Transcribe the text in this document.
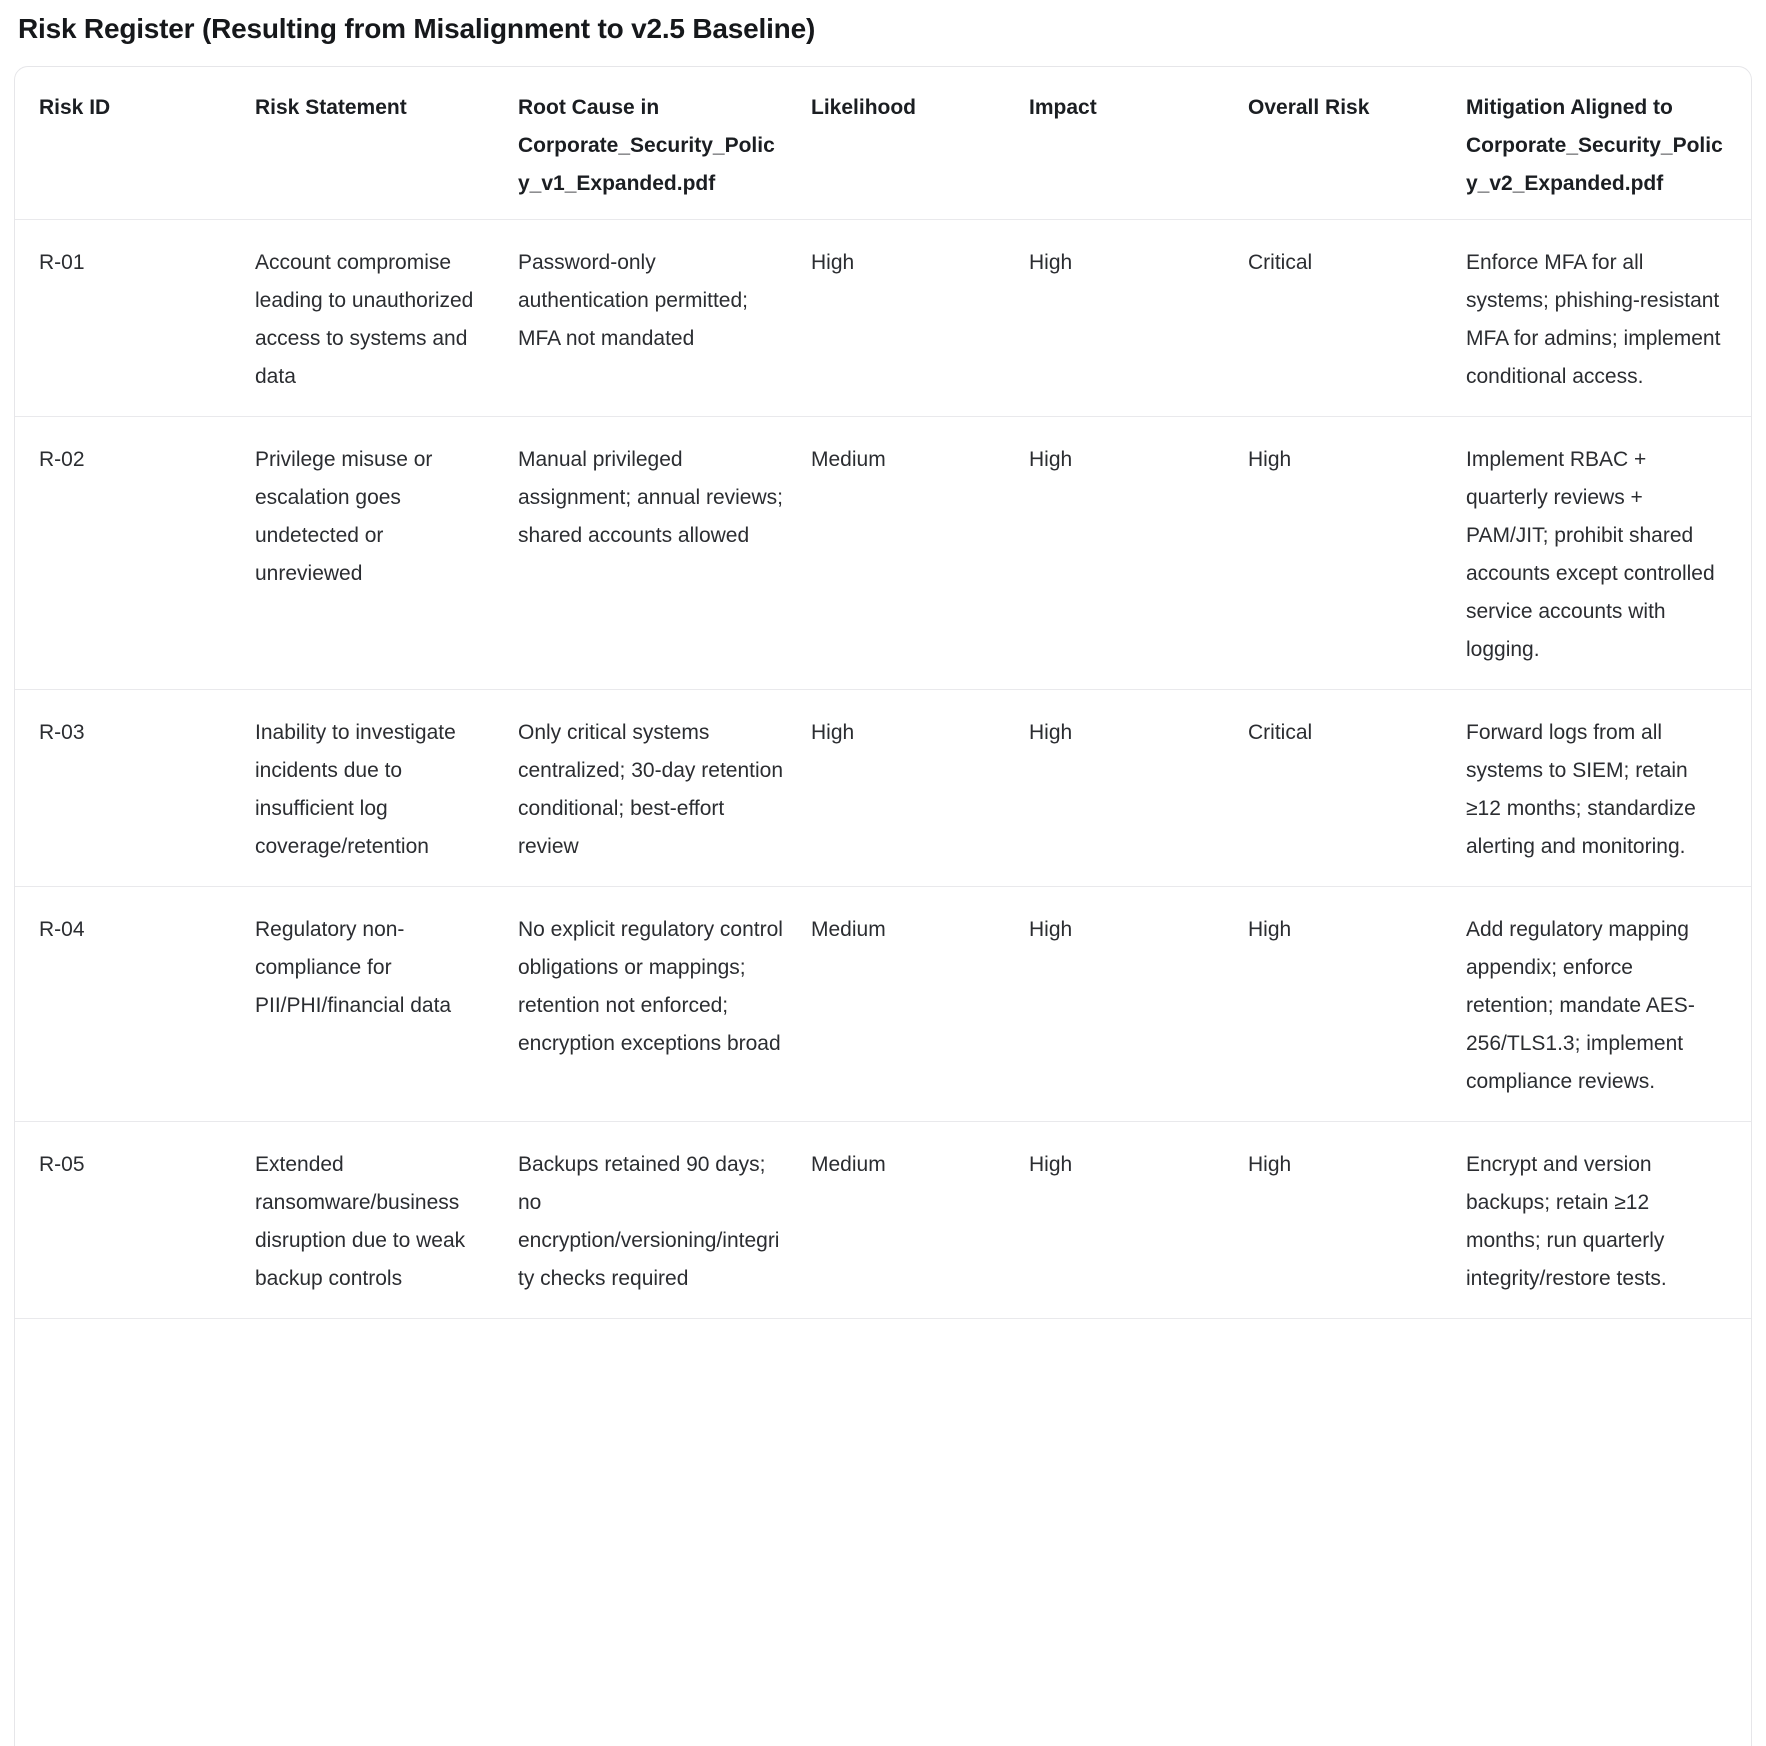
Risk Register (Resulting from Misalignment to v2.5 Baseline)
Risk ID	Risk Statement	Root Cause in Corporate_Security_Policy_v1_Expanded.pdf	Likelihood	Impact	Overall Risk	Mitigation Aligned to Corporate_Security_Policy_v2_Expanded.pdf
R-01	Account compromise leading to unauthorized access to systems and data	Password-only authentication permitted; MFA not mandated	High	High	Critical	Enforce MFA for all systems; phishing-resistant MFA for admins; implement conditional access.
R-02	Privilege misuse or escalation goes undetected or unreviewed	Manual privileged assignment; annual reviews; shared accounts allowed	Medium	High	High	Implement RBAC + quarterly reviews + PAM/JIT; prohibit shared accounts except controlled service accounts with logging.
R-03	Inability to investigate incidents due to insufficient log coverage/retention	Only critical systems centralized; 30-day retention conditional; best-effort review	High	High	Critical	Forward logs from all systems to SIEM; retain ≥12 months; standardize alerting and monitoring.
R-04	Regulatory non-compliance for PII/PHI/financial data	No explicit regulatory control obligations or mappings; retention not enforced; encryption exceptions broad	Medium	High	High	Add regulatory mapping appendix; enforce retention; mandate AES-256/TLS1.3; implement compliance reviews.
R-05	Extended ransomware/business disruption due to weak backup controls	Backups retained 90 days; no encryption/versioning/integrity checks required	Medium	High	High	Encrypt and version backups; retain ≥12 months; run quarterly integrity/restore tests.
